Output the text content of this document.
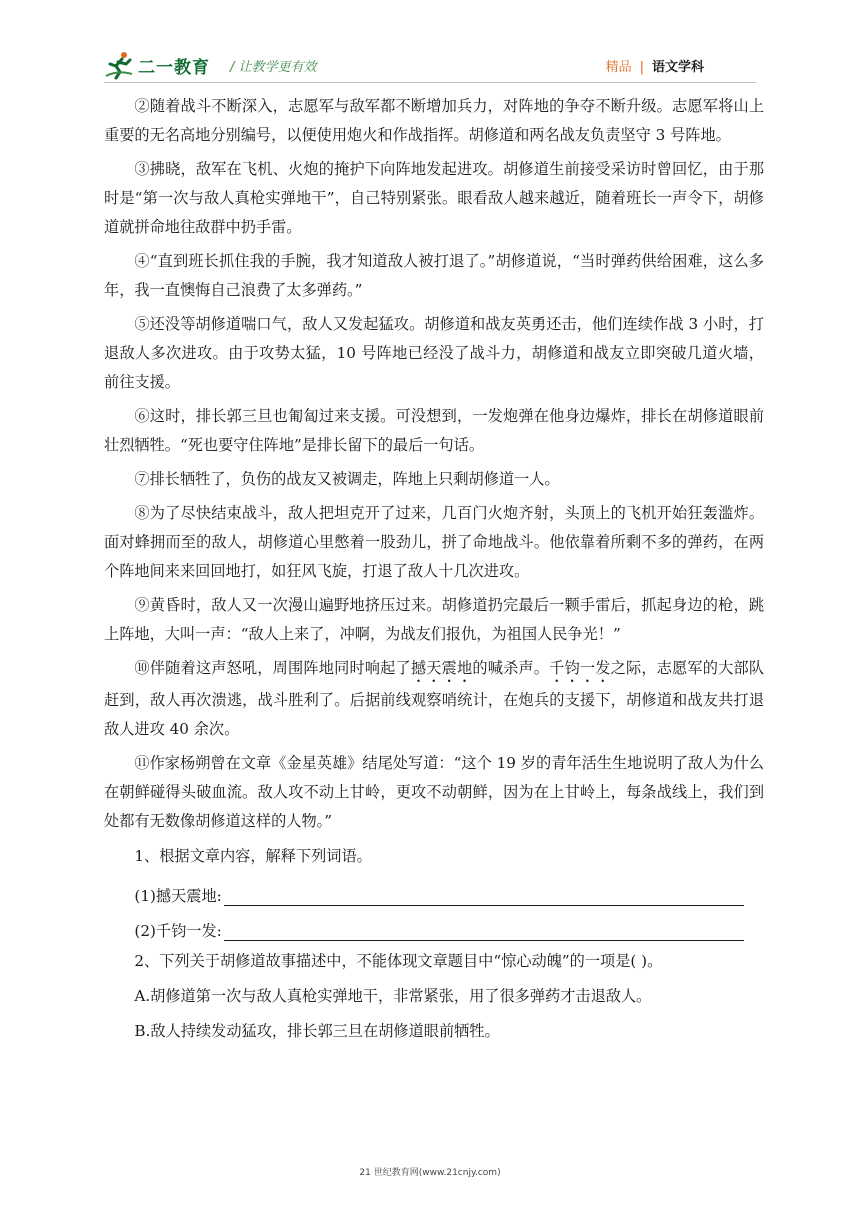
二一教育 / 让教学更有效	精品 | 语文学科

②随着战斗不断深入，志愿军与敌军都不断增加兵力，对阵地的争夺不断升级。志愿军将山上重要的无名高地分别编号，以便使用炮火和作战指挥。胡修道和两名战友负责坚守 3 号阵地。

③拂晓，敌军在飞机、火炮的掩护下向阵地发起进攻。胡修道生前接受采访时曾回忆，由于那时是“第一次与敌人真枪实弹地干”，自己特别紧张。眼看敌人越来越近，随着班长一声令下，胡修道就拼命地往敌群中扔手雷。

④“直到班长抓住我的手腕，我才知道敌人被打退了。”胡修道说，“当时弹药供给困难，这么多年，我一直懊悔自己浪费了太多弹药。”

⑤还没等胡修道喘口气，敌人又发起猛攻。胡修道和战友英勇还击，他们连续作战 3 小时，打退敌人多次进攻。由于攻势太猛，10 号阵地已经没了战斗力，胡修道和战友立即突破几道火墙，前往支援。

⑥这时，排长郭三旦也匍匐过来支援。可没想到，一发炮弹在他身边爆炸，排长在胡修道眼前壮烈牺牲。“死也要守住阵地”是排长留下的最后一句话。

⑦排长牺牲了，负伤的战友又被调走，阵地上只剩胡修道一人。

⑧为了尽快结束战斗，敌人把坦克开了过来，几百门火炮齐射，头顶上的飞机开始狂轰滥炸。面对蜂拥而至的敌人，胡修道心里憋着一股劲儿，拼了命地战斗。他依靠着所剩不多的弹药，在两个阵地间来来回回地打，如狂风飞旋，打退了敌人十几次进攻。

⑨黄昏时，敌人又一次漫山遍野地挤压过来。胡修道扔完最后一颗手雷后，抓起身边的枪，跳上阵地，大叫一声：“敌人上来了，冲啊，为战友们报仇，为祖国人民争光！”

⑩伴随着这声怒吼，周围阵地同时响起了撼天震地的喊杀声。千钧一发之际，志愿军的大部队赶到，敌人再次溃逃，战斗胜利了。后据前线观察哨统计，在炮兵的支援下，胡修道和战友共打退敌人进攻 40 余次。

⑪作家杨朔曾在文章《金星英雄》结尾处写道：“这个 19 岁的青年活生生地说明了敌人为什么在朝鲜碰得头破血流。敌人攻不动上甘岭，更攻不动朝鲜，因为在上甘岭上，每条战线上，我们到处都有无数像胡修道这样的人物。”

1、根据文章内容，解释下列词语。

(1)撼天震地:
(2)千钧一发:

2、下列关于胡修道故事描述中，不能体现文章题目中“惊心动魄”的一项是( )。

A.胡修道第一次与敌人真枪实弹地干，非常紧张，用了很多弹药才击退敌人。

B.敌人持续发动猛攻，排长郭三旦在胡修道眼前牺牲。

21 世纪教育网(www.21cnjy.com)
